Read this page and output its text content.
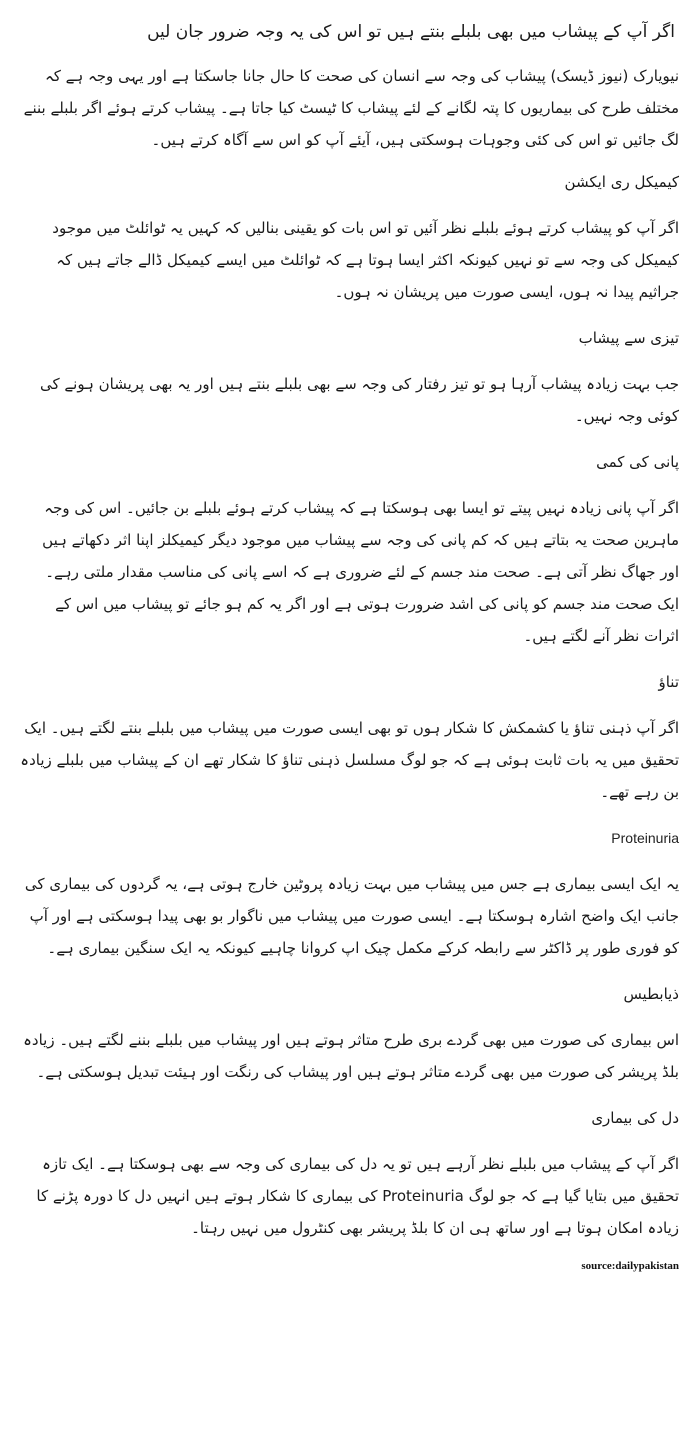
اگر آپ کے پیشاب میں بھی بلبلے بنتے ہیں تو اس کی یہ وجہ ضرور جان لیں

نیویارک (نیوز ڈیسک) پیشاب کی وجہ سے انسان کی صحت کا حال جانا جاسکتا ہے اور یہی وجہ ہے کہ مختلف طرح کی بیماریوں کا پتہ لگانے کے لئے پیشاب کا ٹیسٹ کیا جاتا ہے۔ پیشاب کرتے ہوئے اگر بلبلے بننے لگ جائیں تو اس کی کئی وجوہات ہوسکتی ہیں، آیئے آپ کو اس سے آگاہ کرتے ہیں۔

کیمیکل ری ایکشن

اگر آپ کو پیشاب کرتے ہوئے بلبلے نظر آئیں تو اس بات کو یقینی بنالیں کہ کہیں یہ ٹوائلٹ میں موجود کیمیکل کی وجہ سے تو نہیں کیونکہ اکثر ایسا ہوتا ہے کہ ٹوائلٹ میں ایسے کیمیکل ڈالے جاتے ہیں کہ جراثیم پیدا نہ ہوں، ایسی صورت میں پریشان نہ ہوں۔

تیزی سے پیشاب

جب بہت زیادہ پیشاب آرہا ہو تو تیز رفتار کی وجہ سے بھی بلبلے بنتے ہیں اور یہ بھی پریشان ہونے کی کوئی وجہ نہیں۔

پانی کی کمی

اگر آپ پانی زیادہ نہیں پیتے تو ایسا بھی ہوسکتا ہے کہ پیشاب کرتے ہوئے بلبلے بن جائیں۔ اس کی وجہ ماہرین صحت یہ بتاتے ہیں کہ کم پانی کی وجہ سے پیشاب میں موجود دیگر کیمیکلز اپنا اثر دکھاتے ہیں اور جھاگ نظر آتی ہے۔ صحت مند جسم کے لئے ضروری ہے کہ اسے پانی کی مناسب مقدار ملتی رہے۔ ایک صحت مند جسم کو پانی کی اشد ضرورت ہوتی ہے اور اگر یہ کم ہو جائے تو پیشاب میں اس کے اثرات نظر آنے لگتے ہیں۔

تناؤ

اگر آپ ذہنی تناؤ یا کشمکش کا شکار ہوں تو بھی ایسی صورت میں پیشاب میں بلبلے بنتے لگتے ہیں۔ ایک تحقیق میں یہ بات ثابت ہوئی ہے کہ جو لوگ مسلسل ذہنی تناؤ کا شکار تھے ان کے پیشاب میں بلبلے زیادہ بن رہے تھے۔

Proteinuria

یہ ایک ایسی بیماری ہے جس میں پیشاب میں بہت زیادہ پروٹین خارج ہوتی ہے، یہ گردوں کی بیماری کی جانب ایک واضح اشارہ ہوسکتا ہے۔ ایسی صورت میں پیشاب میں ناگوار بو بھی پیدا ہوسکتی ہے اور آپ کو فوری طور پر ڈاکٹر سے رابطہ کرکے مکمل چیک اپ کروانا چاہیے کیونکہ یہ ایک سنگین بیماری ہے۔

ذیابطیس

اس بیماری کی صورت میں بھی گردے بری طرح متاثر ہوتے ہیں اور پیشاب میں بلبلے بننے لگتے ہیں۔ زیادہ بلڈ پریشر کی صورت میں بھی گردے متاثر ہوتے ہیں اور پیشاب کی رنگت اور ہیئت تبدیل ہوسکتی ہے۔

دل کی بیماری

اگر آپ کے پیشاب میں بلبلے نظر آرہے ہیں تو یہ دل کی بیماری کی وجہ سے بھی ہوسکتا ہے۔ ایک تازہ تحقیق میں بتایا گیا ہے کہ جو لوگ Proteinuria کی بیماری کا شکار ہوتے ہیں انہیں دل کا دورہ پڑنے کا زیادہ امکان ہوتا ہے اور ساتھ ہی ان کا بلڈ پریشر بھی کنٹرول میں نہیں رہتا۔

source:dailypakistan
